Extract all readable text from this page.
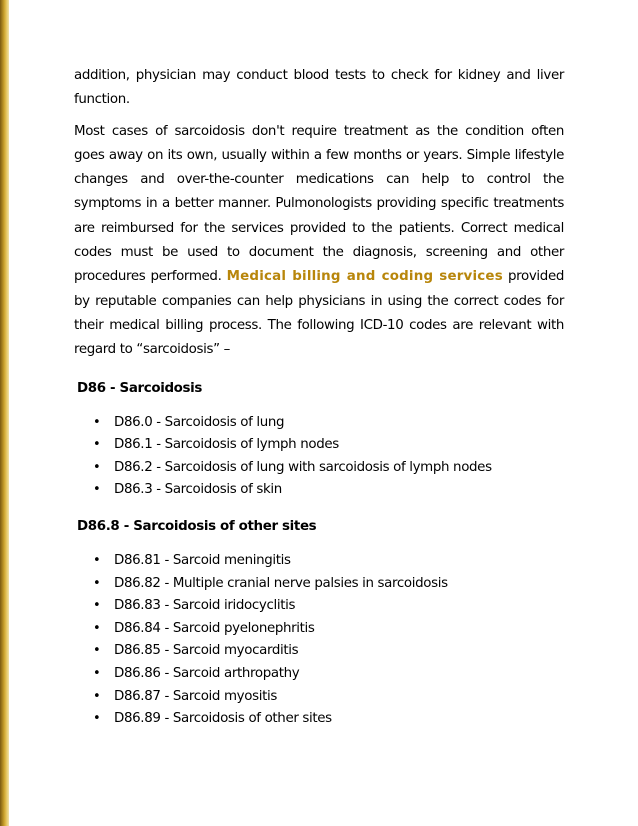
addition, physician may conduct blood tests to check for kidney and liver function.

Most cases of sarcoidosis don't require treatment as the condition often goes away on its own, usually within a few months or years. Simple lifestyle changes and over-the-counter medications can help to control the symptoms in a better manner. Pulmonologists providing specific treatments are reimbursed for the services provided to the patients. Correct medical codes must be used to document the diagnosis, screening and other procedures performed. Medical billing and coding services provided by reputable companies can help physicians in using the correct codes for their medical billing process. The following ICD-10 codes are relevant with regard to “sarcoidosis” –

D86 - Sarcoidosis
• D86.0 - Sarcoidosis of lung
• D86.1 - Sarcoidosis of lymph nodes
• D86.2 - Sarcoidosis of lung with sarcoidosis of lymph nodes
• D86.3 - Sarcoidosis of skin
D86.8 - Sarcoidosis of other sites
• D86.81 - Sarcoid meningitis
• D86.82 - Multiple cranial nerve palsies in sarcoidosis
• D86.83 - Sarcoid iridocyclitis
• D86.84 - Sarcoid pyelonephritis
• D86.85 - Sarcoid myocarditis
• D86.86 - Sarcoid arthropathy
• D86.87 - Sarcoid myositis
• D86.89 - Sarcoidosis of other sites
